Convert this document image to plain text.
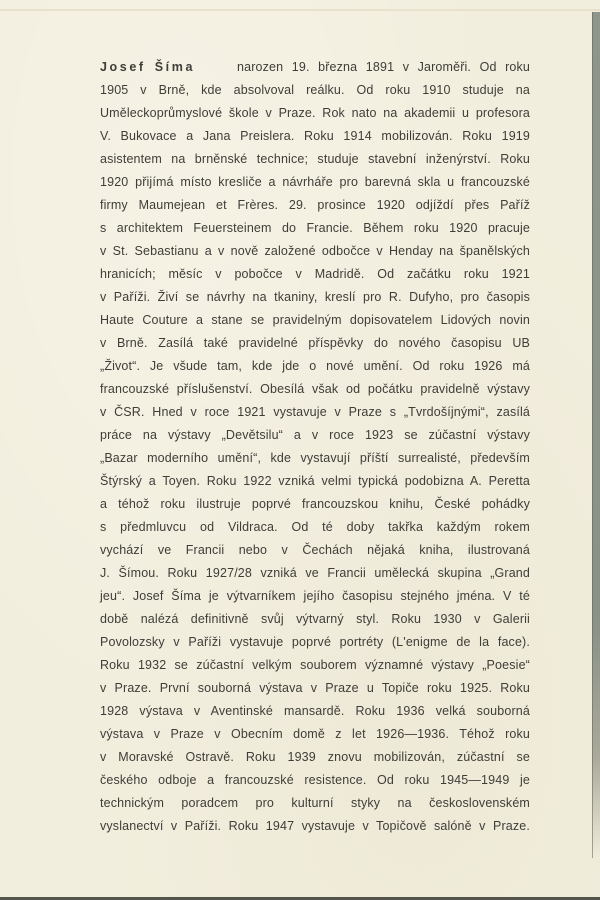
Josef Šíma	narozen 19. března 1891 v Jaroměři. Od roku
1905 v Brně, kde absolvoval reálku. Od roku 1910 studuje na
Uměleckoprůmyslové škole v Praze. Rok nato na akademii u profesora
V. Bukovace a Jana Preislera. Roku 1914 mobilizován. Roku 1919
asistentem na brněnské technice; studuje stavební inženýrství. Roku
1920 přijímá místo kresliče a návrháře pro barevná skla u francouzské
firmy Maumejean et Frères. 29. prosince 1920 odjíždí přes Paříž
s architektem Feuersteinem do Francie. Během roku 1920 pracuje
v St. Sebastianu a v nově založené odbočce v Henday na španělských
hranicích; měsíc v pobočce v Madridě. Od začátku roku 1921
v Paříži. Živí se návrhy na tkaniny, kreslí pro R. Dufyho, pro časopis
Haute Couture a stane se pravidelným dopisovatelem Lidových novin
v Brně. Zasílá také pravidelné příspěvky do nového časopisu UB
„Život“. Je všude tam, kde jde o nové umění. Od roku 1926 má
francouzské příslušenství. Obesílá však od počátku pravidelně výstavy
v ČSR. Hned v roce 1921 vystavuje v Praze s „Tvrdošíjnými“, zasílá
práce na výstavy „Devětsilu“ a v roce 1923 se zúčastní výstavy
„Bazar moderního umění“, kde vystavují příští surrealisté, především
Štýrský a Toyen. Roku 1922 vzniká velmi typická podobizna A. Peretta
a téhož roku ilustruje poprvé francouzskou knihu, České pohádky
s předmluvcu od Vildraca. Od té doby takřka každým rokem
vychází ve Francii nebo v Čechách nějaká kniha, ilustrovaná
J. Šímou. Roku 1927/28 vzniká ve Francii umělecká skupina „Grand
jeu“. Josef Šíma je výtvarníkem jejího časopisu stejného jména. V té
době nalézá definitivně svůj výtvarný styl. Roku 1930 v Galerii
Povolozsky v Paříži vystavuje poprvé portréty (L'enigme de la face).
Roku 1932 se zúčastní velkým souborem významné výstavy „Poesie“
v Praze. První souborná výstava v Praze u Topiče roku 1925. Roku
1928 výstava v Aventinské mansardě. Roku 1936 velká souborná
výstava v Praze v Obecním domě z let 1926—1936. Téhož roku
v Moravské Ostravě. Roku 1939 znovu mobilizován, zúčastní se
českého odboje a francouzské resistence. Od roku 1945—1949 je
technickým poradcem pro kulturní styky na československém
vyslanectví v Paříži. Roku 1947 vystavuje v Topičově salóně v Praze.
